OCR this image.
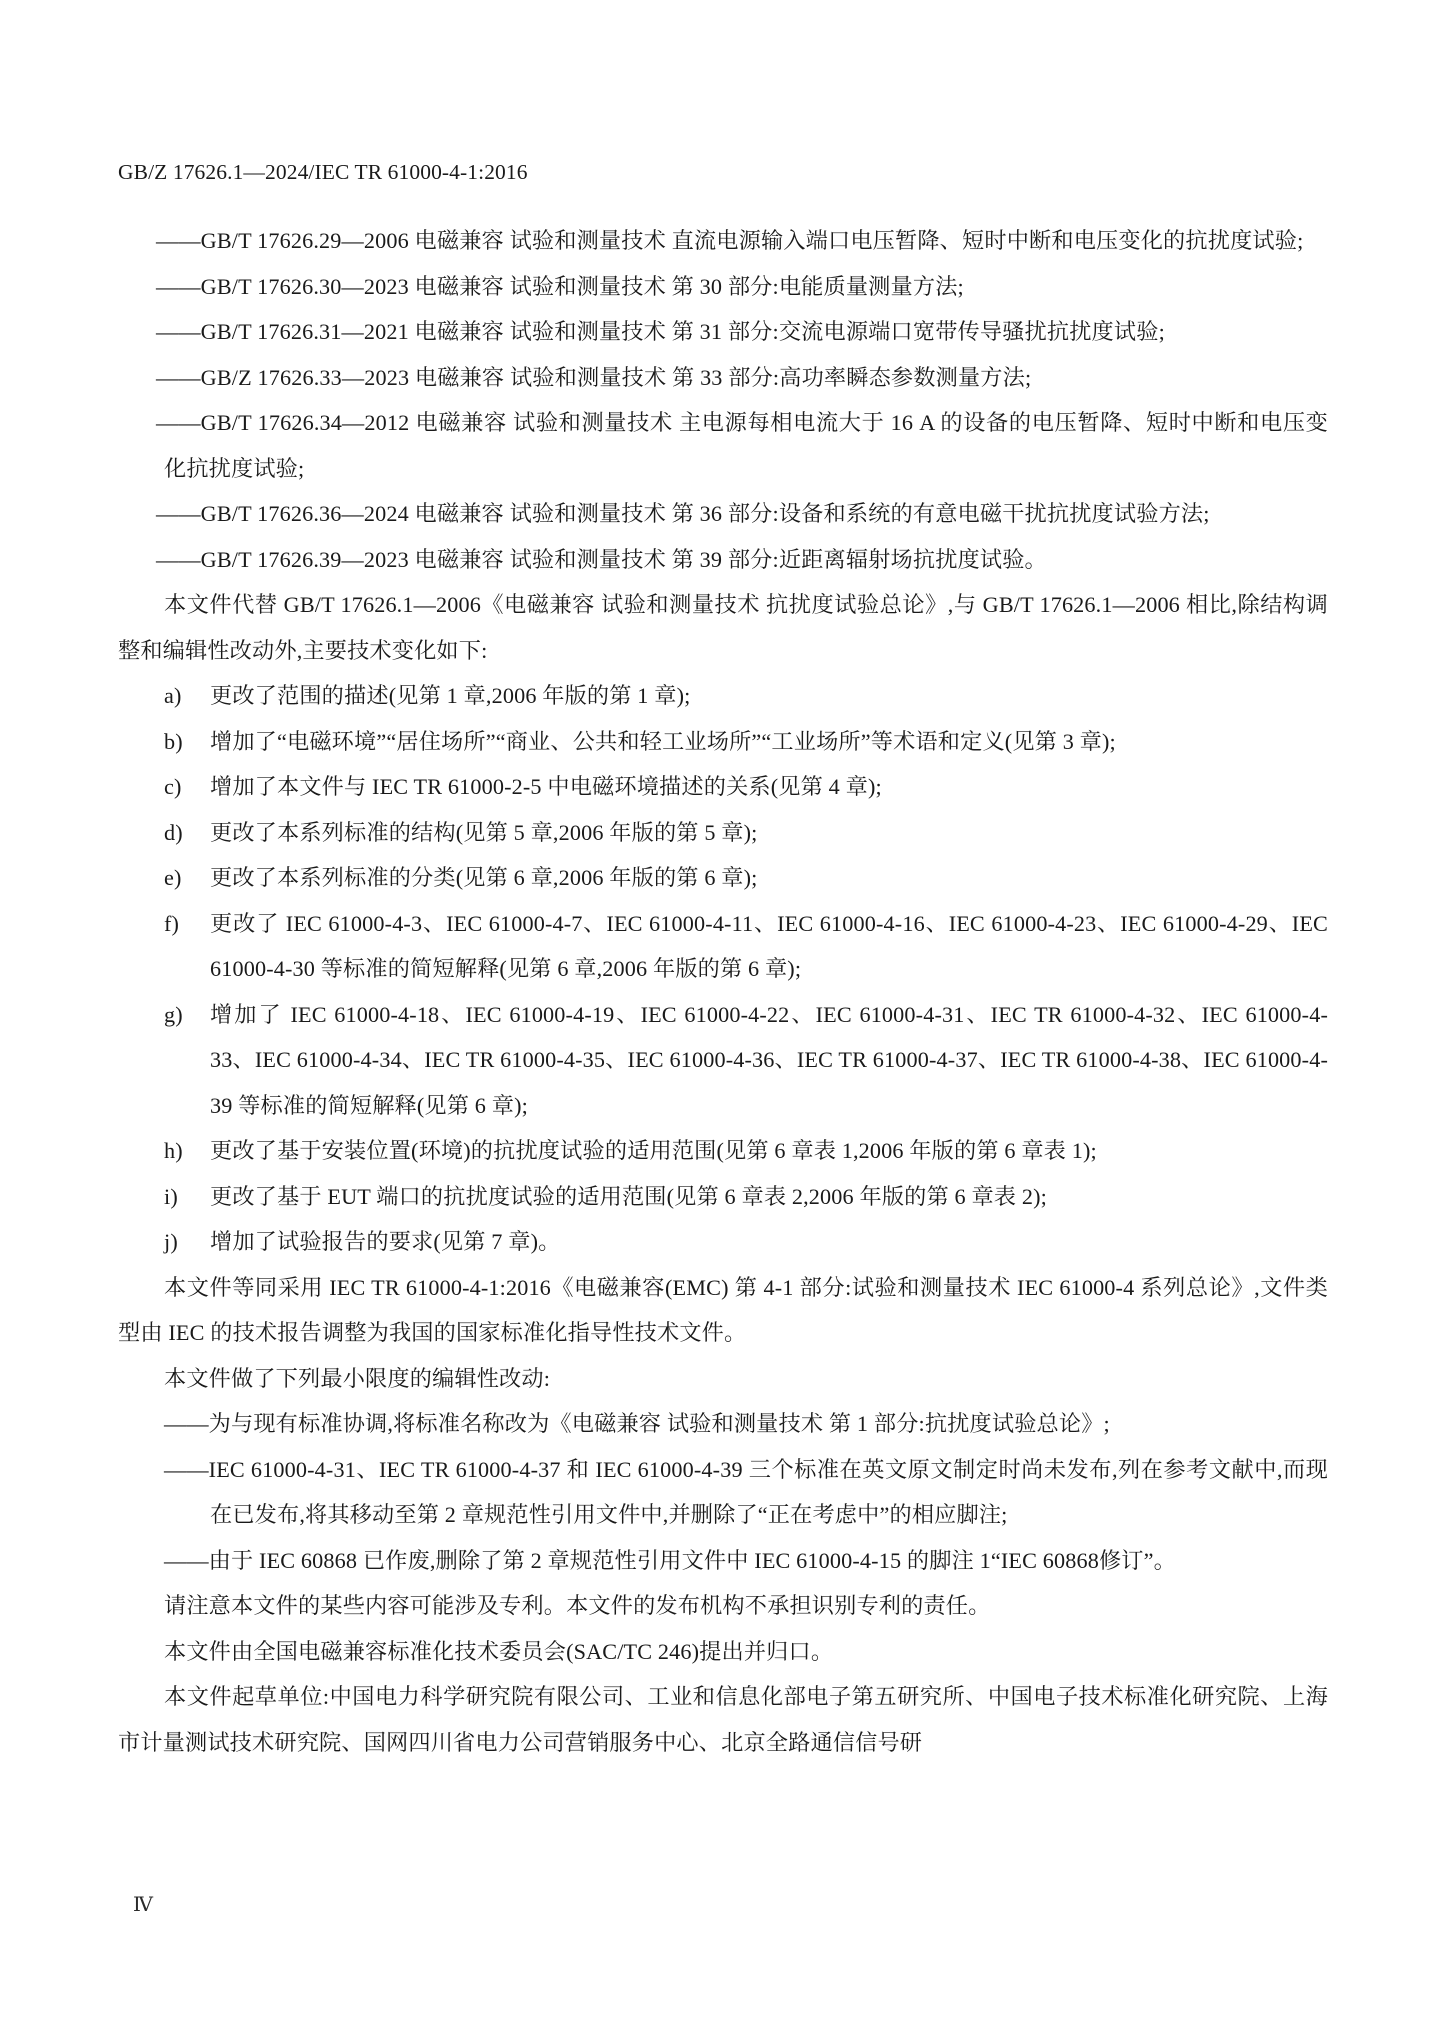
GB/Z 17626.1—2024/IEC TR 61000-4-1:2016

——GB/T 17626.29—2006 电磁兼容 试验和测量技术 直流电源输入端口电压暂降、短时中断和电压变化的抗扰度试验;

——GB/T 17626.30—2023 电磁兼容 试验和测量技术 第 30 部分:电能质量测量方法;

——GB/T 17626.31—2021 电磁兼容 试验和测量技术 第 31 部分:交流电源端口宽带传导骚扰抗扰度试验;

——GB/Z 17626.33—2023 电磁兼容 试验和测量技术 第 33 部分:高功率瞬态参数测量方法;

——GB/T 17626.34—2012 电磁兼容 试验和测量技术 主电源每相电流大于 16 A 的设备的电压暂降、短时中断和电压变化抗扰度试验;

——GB/T 17626.36—2024 电磁兼容 试验和测量技术 第 36 部分:设备和系统的有意电磁干扰抗扰度试验方法;

——GB/T 17626.39—2023 电磁兼容 试验和测量技术 第 39 部分:近距离辐射场抗扰度试验。

本文件代替 GB/T 17626.1—2006《电磁兼容 试验和测量技术 抗扰度试验总论》,与 GB/T 17626.1—2006 相比,除结构调整和编辑性改动外,主要技术变化如下:

a)	更改了范围的描述(见第 1 章,2006 年版的第 1 章);

b)	增加了“电磁环境”“居住场所”“商业、公共和轻工业场所”“工业场所”等术语和定义(见第 3 章);

c)	增加了本文件与 IEC TR 61000-2-5 中电磁环境描述的关系(见第 4 章);

d)	更改了本系列标准的结构(见第 5 章,2006 年版的第 5 章);

e)	更改了本系列标准的分类(见第 6 章,2006 年版的第 6 章);

f)	更改了 IEC 61000-4-3、IEC 61000-4-7、IEC 61000-4-11、IEC 61000-4-16、IEC 61000-4-23、IEC 61000-4-29、IEC 61000-4-30 等标准的简短解释(见第 6 章,2006 年版的第 6 章);

g)	增加了 IEC 61000-4-18、IEC 61000-4-19、IEC 61000-4-22、IEC 61000-4-31、IEC TR 61000-4-32、IEC 61000-4-33、IEC 61000-4-34、IEC TR 61000-4-35、IEC 61000-4-36、IEC TR 61000-4-37、IEC TR 61000-4-38、IEC 61000-4-39 等标准的简短解释(见第 6 章);

h)	更改了基于安装位置(环境)的抗扰度试验的适用范围(见第 6 章表 1,2006 年版的第 6 章表 1);

i)	更改了基于 EUT 端口的抗扰度试验的适用范围(见第 6 章表 2,2006 年版的第 6 章表 2);

j)	增加了试验报告的要求(见第 7 章)。

本文件等同采用 IEC TR 61000-4-1:2016《电磁兼容(EMC) 第 4-1 部分:试验和测量技术 IEC 61000-4 系列总论》,文件类型由 IEC 的技术报告调整为我国的国家标准化指导性技术文件。

本文件做了下列最小限度的编辑性改动:

——为与现有标准协调,将标准名称改为《电磁兼容 试验和测量技术 第 1 部分:抗扰度试验总论》;

——IEC 61000-4-31、IEC TR 61000-4-37 和 IEC 61000-4-39 三个标准在英文原文制定时尚未发布,列在参考文献中,而现在已发布,将其移动至第 2 章规范性引用文件中,并删除了“正在考虑中”的相应脚注;

——由于 IEC 60868 已作废,删除了第 2 章规范性引用文件中 IEC 61000-4-15 的脚注 1“IEC 60868修订”。

请注意本文件的某些内容可能涉及专利。本文件的发布机构不承担识别专利的责任。

本文件由全国电磁兼容标准化技术委员会(SAC/TC 246)提出并归口。

本文件起草单位:中国电力科学研究院有限公司、工业和信息化部电子第五研究所、中国电子技术标准化研究院、上海市计量测试技术研究院、国网四川省电力公司营销服务中心、北京全路通信信号研

Ⅳ
